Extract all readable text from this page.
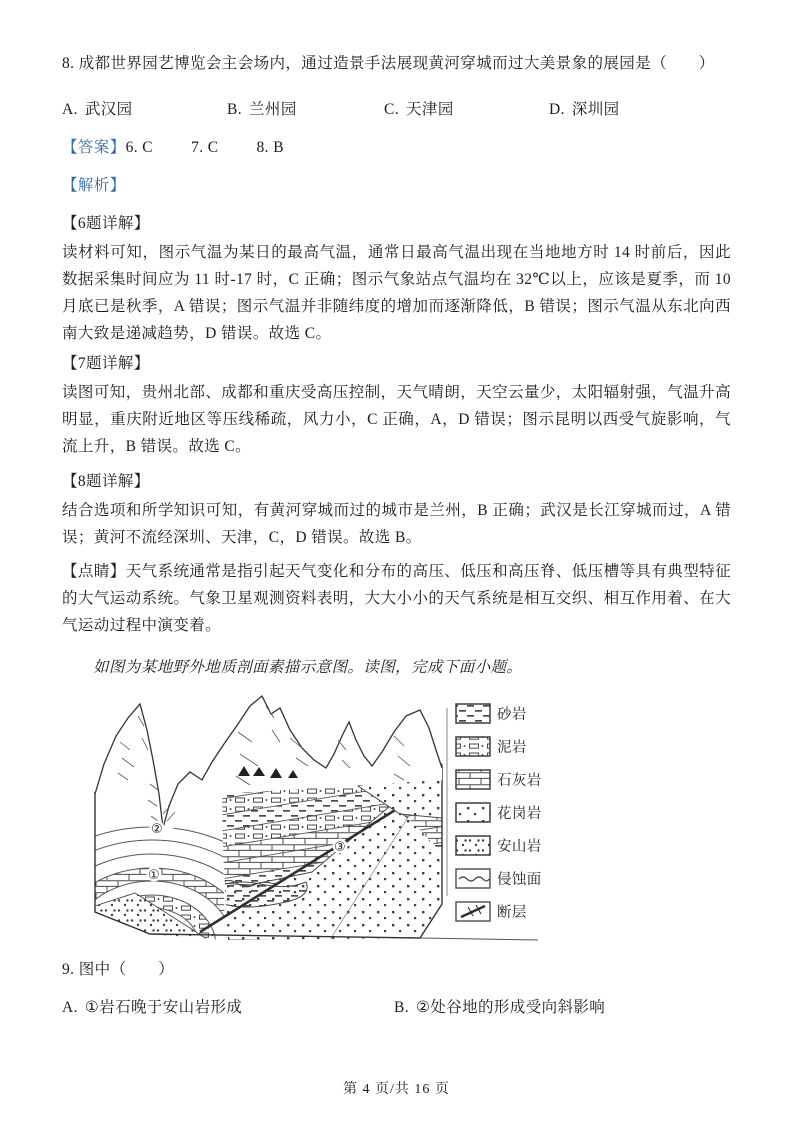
8. 成都世界园艺博览会主会场内，通过造景手法展现黄河穿城而过大美景象的展园是（　　）
A. 武汉园	B. 兰州园	C. 天津园	D. 深圳园
【答案】6. C 7. C 8. B
【解析】
【6题详解】
读材料可知，图示气温为某日的最高气温，通常日最高气温出现在当地地方时 14 时前后，因此数据采集时间应为 11 时-17 时，C 正确；图示气象站点气温均在 32℃以上，应该是夏季，而 10 月底已是秋季，A 错误；图示气温并非随纬度的增加而逐渐降低，B 错误；图示气温从东北向西南大致是递减趋势，D 错误。故选 C。
【7题详解】
读图可知，贵州北部、成都和重庆受高压控制，天气晴朗，天空云量少，太阳辐射强，气温升高明显，重庆附近地区等压线稀疏，风力小，C 正确，A，D 错误；图示昆明以西受气旋影响，气流上升，B 错误。故选 C。
【8题详解】
结合选项和所学知识可知，有黄河穿城而过的城市是兰州，B 正确；武汉是长江穿城而过，A 错误；黄河不流经深圳、天津，C，D 错误。故选 B。
【点睛】天气系统通常是指引起天气变化和分布的高压、低压和高压脊、低压槽等具有典型特征的大气运动系统。气象卫星观测资料表明，大大小小的天气系统是相互交织、相互作用着、在大气运动过程中演变着。
如图为某地野外地质剖面素描示意图。读图，完成下面小题。
①
②
③
砂岩
泥岩
石灰岩
花岗岩
安山岩
侵蚀面
断层
9. 图中（　　）
A. ①岩石晚于安山岩形成	B. ②处谷地的形成受向斜影响
第 4 页/共 16 页
